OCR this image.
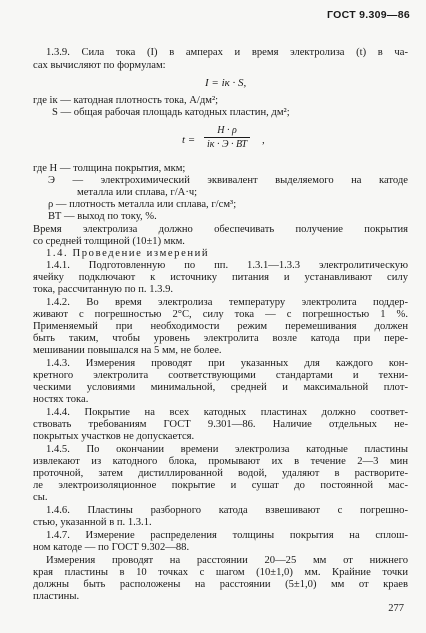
ГОСТ 9.309—86
1.3.9. Сила тока (I) в амперах и время электролиза (t) в ча-
сах вычисляют по формулам:
I = iк · S,
где iк — катодная плотность тока, А/дм²;
S — общая рабочая площадь катодных пластин, дм²;
t =
H · ρ
iк · Э · ВТ ,
где H — толщина покрытия, мкм;
Э — электрохимический эквивалент выделяемого на катоде
металла или сплава, г/А·ч;
ρ — плотность металла или сплава, г/см³;
ВТ — выход по току, %.
Время электролиза должно обеспечивать получение покрытия
со средней толщиной (10±1) мкм.
1.4. Проведение измерений
1.4.1. Подготовленную по пп. 1.3.1—1.3.3 электролитическую
ячейку подключают к источнику питания и устанавливают силу
тока, рассчитанную по п. 1.3.9.
1.4.2. Во время электролиза температуру электролита поддер-
живают с погрешностью 2°С, силу тока — с погрешностью 1 %.
Применяемый при необходимости режим перемешивания должен
быть таким, чтобы уровень электролита возле катода при пере-
мешивании повышался на 5 мм, не более.
1.4.3. Измерения проводят при указанных для каждого кон-
кретного электролита соответствующими стандартами и техни-
ческими условиями минимальной, средней и максимальной плот-
ностях тока.
1.4.4. Покрытие на всех катодных пластинах должно соответ-
ствовать требованиям ГОСТ 9.301—86. Наличие отдельных не-
покрытых участков не допускается.
1.4.5. По окончании времени электролиза катодные пластины
извлекают из катодного блока, промывают их в течение 2—3 мин
проточной, затем дистиллированной водой, удаляют в растворите-
ле электроизоляционное покрытие и сушат до постоянной мас-
сы.
1.4.6. Пластины разборного катода взвешивают с погрешно-
стью, указанной в п. 1.3.1.
1.4.7. Измерение распределения толщины покрытия на сплош-
ном катоде — по ГОСТ 9.302—88.
Измерения проводят на расстоянии 20—25 мм от нижнего
края пластины в 10 точках с шагом (10±1,0) мм. Крайние точки
должны быть расположены на расстоянии (5±1,0) мм от краев
пластины.
277
